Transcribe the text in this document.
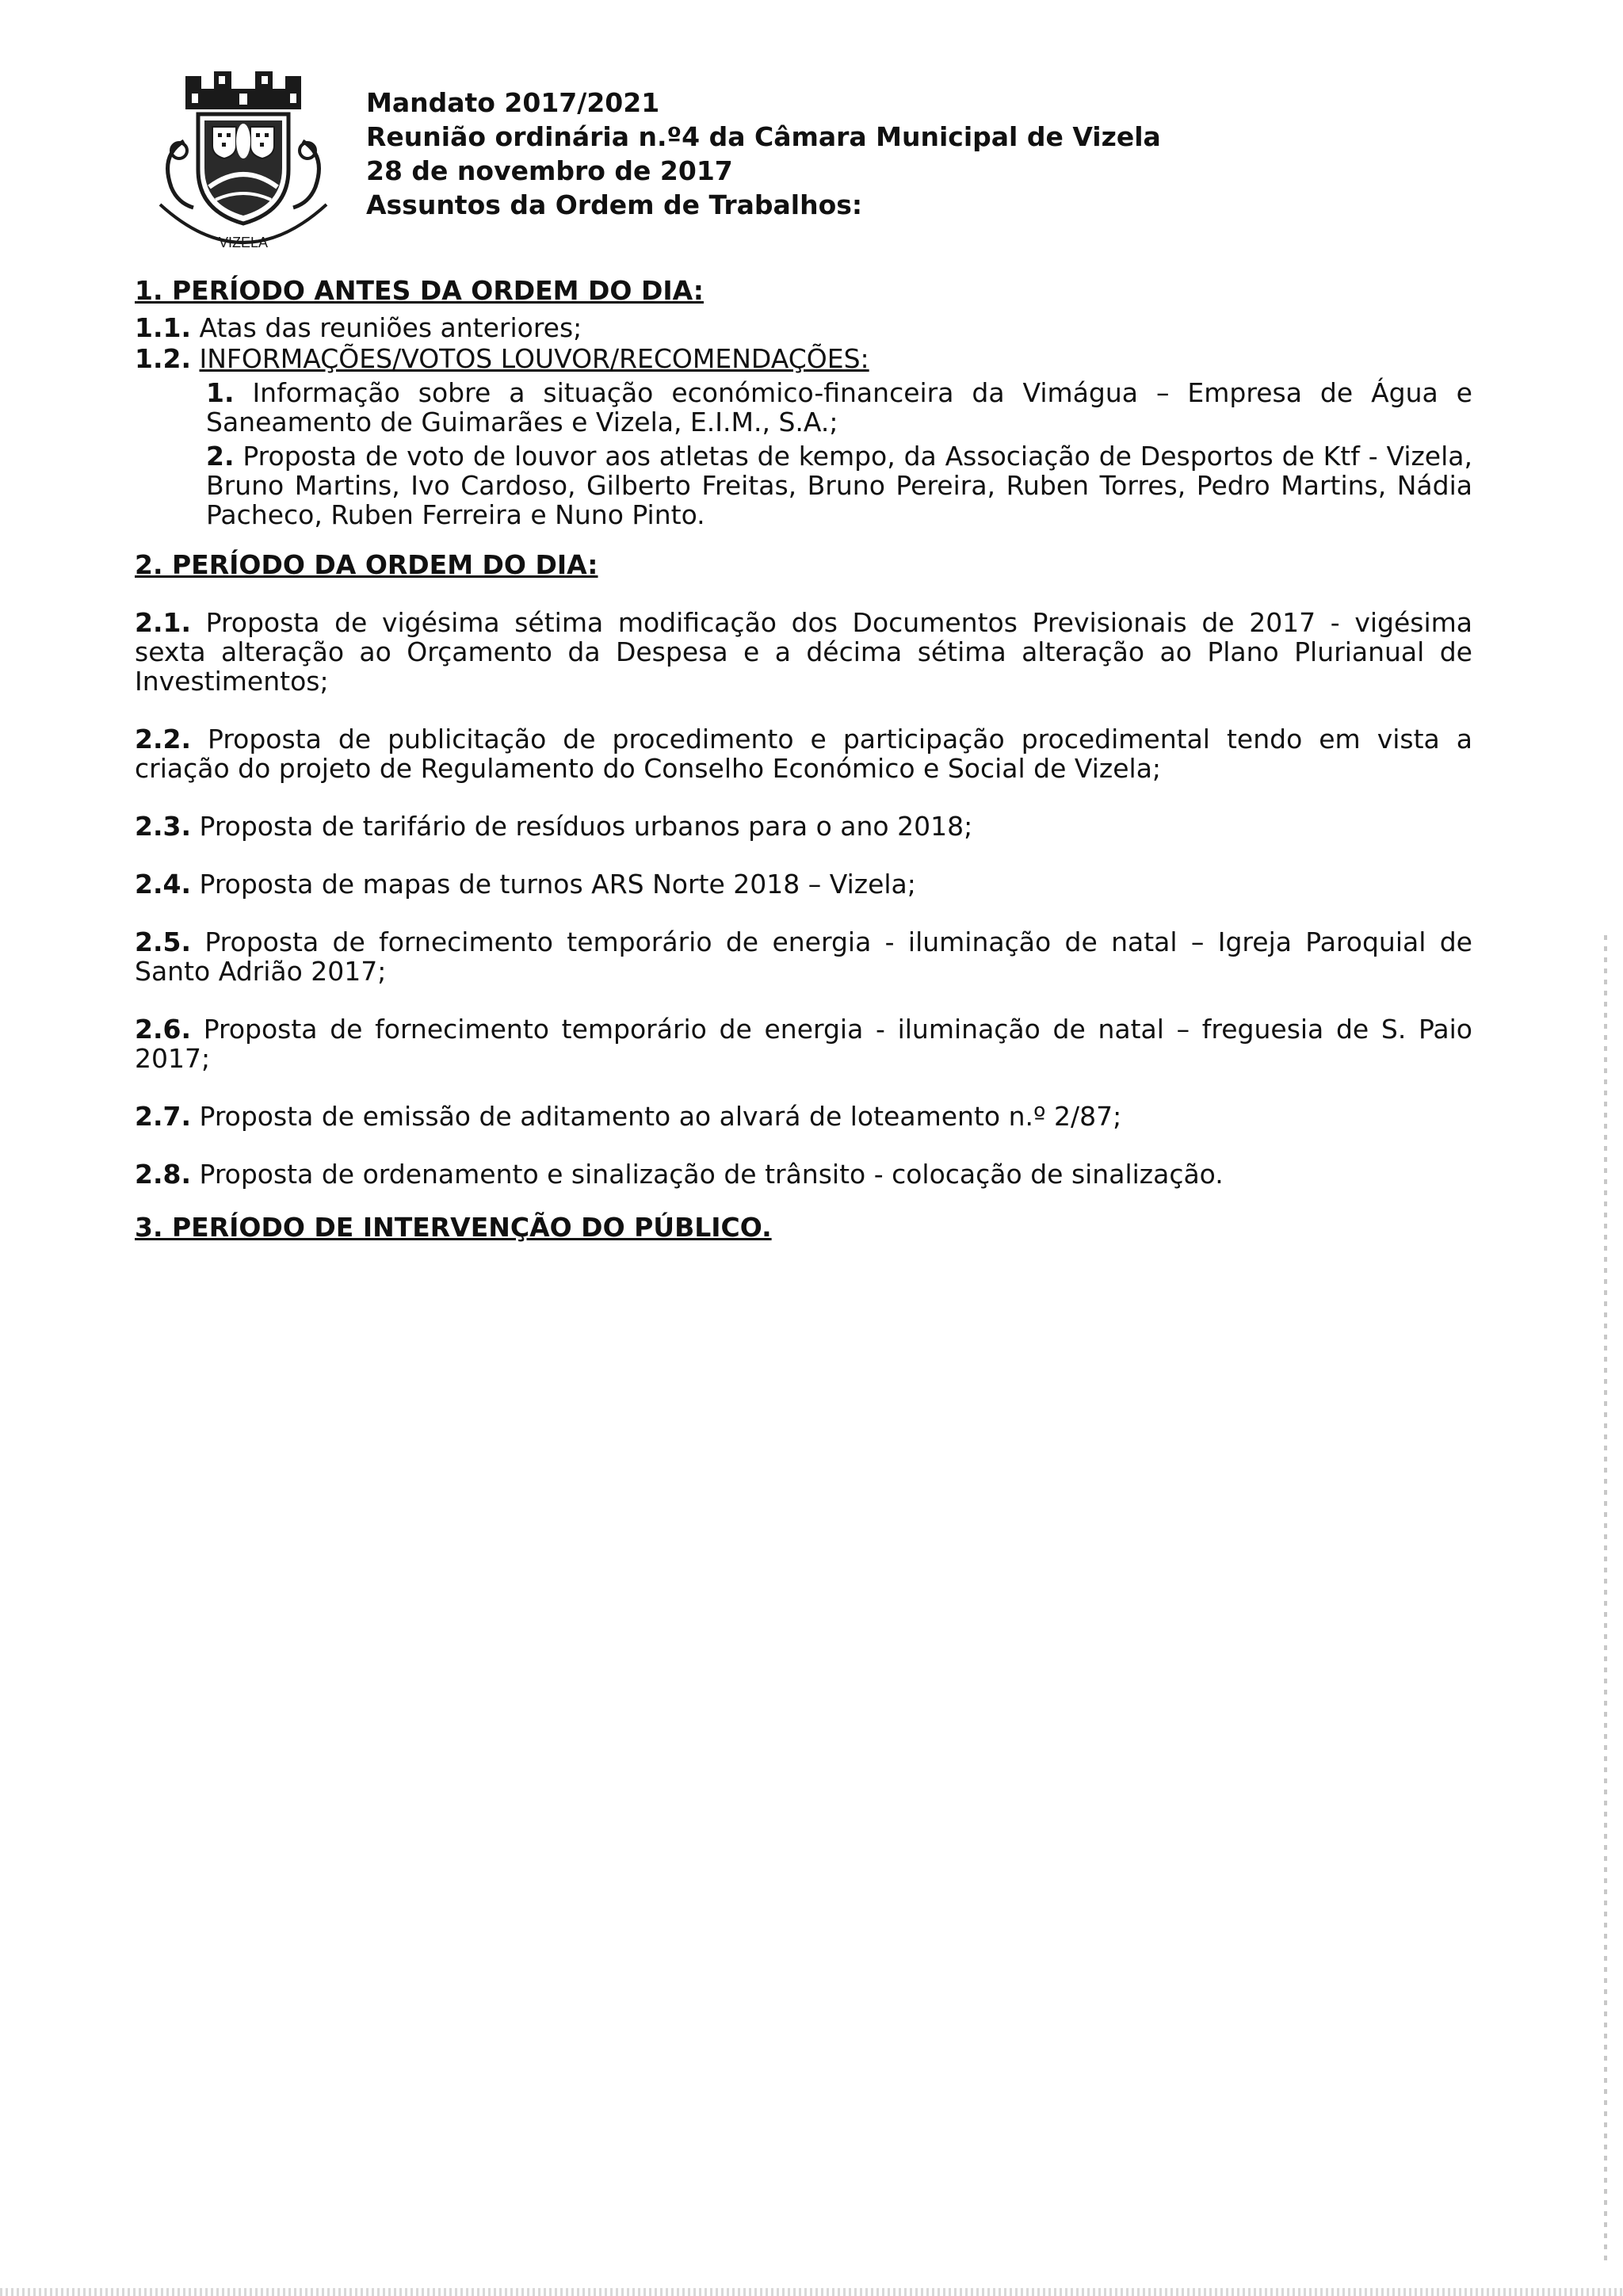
VIZELA
Mandato 2017/2021
Reunião ordinária n.º4 da Câmara Municipal de Vizela
28 de novembro de 2017
Assuntos da Ordem de Trabalhos:
1. PERÍODO ANTES DA ORDEM DO DIA:
1.1. Atas das reuniões anteriores;
1.2. INFORMAÇÕES/VOTOS LOUVOR/RECOMENDAÇÕES:
1. Informação sobre a situação económico-financeira da Vimágua – Empresa de Água e Saneamento de Guimarães e Vizela, E.I.M., S.A.;
2. Proposta de voto de louvor aos atletas de kempo, da Associação de Desportos de Ktf - Vizela, Bruno Martins, Ivo Cardoso, Gilberto Freitas, Bruno Pereira, Ruben Torres, Pedro Martins, Nádia Pacheco, Ruben Ferreira e Nuno Pinto.
2. PERÍODO DA ORDEM DO DIA:
2.1. Proposta de vigésima sétima modificação dos Documentos Previsionais de 2017 - vigésima sexta alteração ao Orçamento da Despesa e a décima sétima alteração ao Plano Plurianual de Investimentos;
2.2. Proposta de publicitação de procedimento e participação procedimental tendo em vista a criação do projeto de Regulamento do Conselho Económico e Social de Vizela;
2.3. Proposta de tarifário de resíduos urbanos para o ano 2018;
2.4. Proposta de mapas de turnos ARS Norte 2018 – Vizela;
2.5. Proposta de fornecimento temporário de energia - iluminação de natal – Igreja Paroquial de Santo Adrião 2017;
2.6. Proposta de fornecimento temporário de energia - iluminação de natal – freguesia de S. Paio 2017;
2.7. Proposta de emissão de aditamento ao alvará de loteamento n.º 2/87;
2.8. Proposta de ordenamento e sinalização de trânsito - colocação de sinalização.
3. PERÍODO DE INTERVENÇÃO DO PÚBLICO.
